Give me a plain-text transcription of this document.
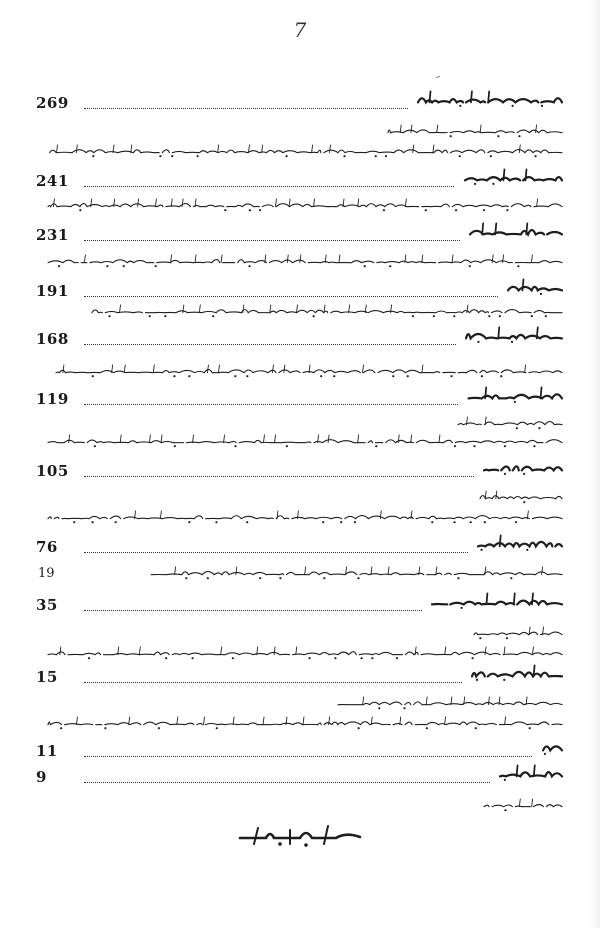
7
ﹶ
269
241
231
191
168
119
105
76
35
15
11
9
19
